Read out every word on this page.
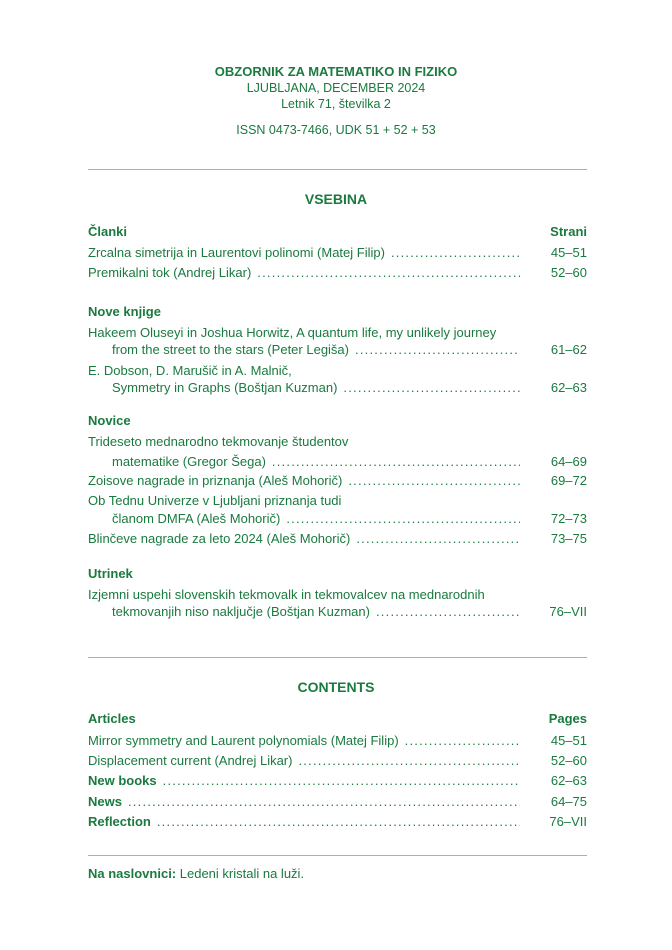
OBZORNIK ZA MATEMATIKO IN FIZIKO
LJUBLJANA, DECEMBER 2024
Letnik 71, številka 2
ISSN 0473-7466, UDK 51 + 52 + 53
VSEBINA
Članki	Strani
Zrcalna simetrija in Laurentovi polinomi (Matej Filip) . . .	45–51
Premikalni tok (Andrej Likar) . . .	52–60
Nove knjige
Hakeem Oluseyi in Joshua Horwitz, A quantum life, my unlikely journey
from the street to the stars (Peter Legiša) . . .	61–62
E. Dobson, D. Marušič in A. Malnič,
Symmetry in Graphs (Boštjan Kuzman) . . .	62–63
Novice
Trideseto mednarodno tekmovanje študentov
matematike (Gregor Šega) . . .	64–69
Zoisove nagrade in priznanja (Aleš Mohorič) . . .	69–72
Ob Tednu Univerze v Ljubljani priznanja tudi
članom DMFA (Aleš Mohorič) . . .	72–73
Blinčeve nagrade za leto 2024 (Aleš Mohorič) . . .	73–75
Utrinek
Izjemni uspehi slovenskih tekmovalk in tekmovalcev na mednarodnih
tekmovanjih niso naključje (Boštjan Kuzman) . . .	76–VII
CONTENTS
Articles	Pages
Mirror symmetry and Laurent polynomials (Matej Filip) . . .	45–51
Displacement current (Andrej Likar) . . .	52–60
New books . . .	62–63
News . . .	64–75
Reflection . . .	76–VII
Na naslovnici: Ledeni kristali na luži.
